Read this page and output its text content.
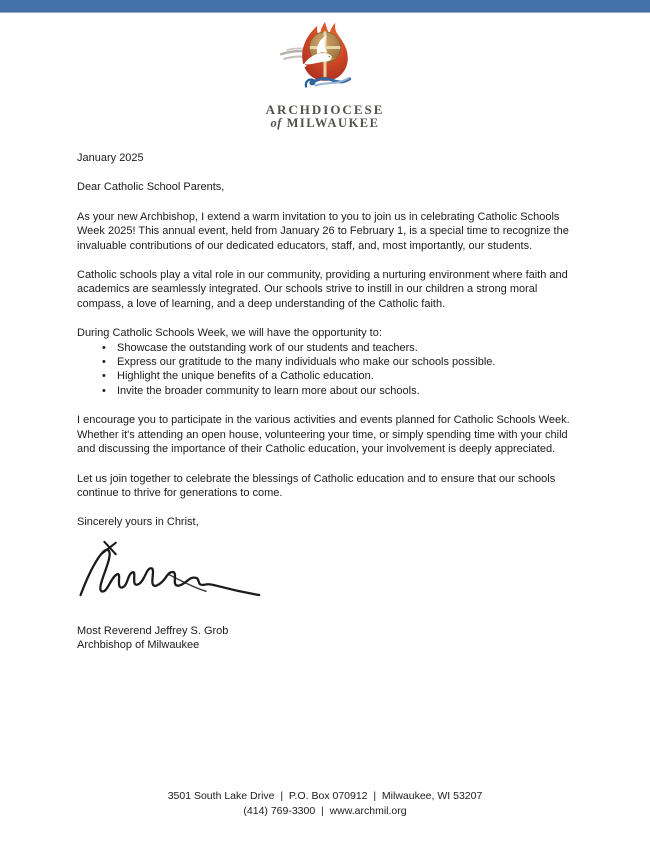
ARCHDIOCESE
of MILWAUKEE

January 2025

Dear Catholic School Parents,

As your new Archbishop, I extend a warm invitation to you to join us in celebrating Catholic Schools Week 2025! This annual event, held from January 26 to February 1, is a special time to recognize the invaluable contributions of our dedicated educators, staff, and, most importantly, our students.

Catholic schools play a vital role in our community, providing a nurturing environment where faith and academics are seamlessly integrated. Our schools strive to instill in our children a strong moral compass, a love of learning, and a deep understanding of the Catholic faith.

During Catholic Schools Week, we will have the opportunity to:

• Showcase the outstanding work of our students and teachers.
• Express our gratitude to the many individuals who make our schools possible.
• Highlight the unique benefits of a Catholic education.
• Invite the broader community to learn more about our schools.

I encourage you to participate in the various activities and events planned for Catholic Schools Week. Whether it's attending an open house, volunteering your time, or simply spending time with your child and discussing the importance of their Catholic education, your involvement is deeply appreciated.

Let us join together to celebrate the blessings of Catholic education and to ensure that our schools continue to thrive for generations to come.

Sincerely yours in Christ,

Most Reverend Jeffrey S. Grob
Archbishop of Milwaukee
3501 South Lake Drive  |  P.O. Box 070912  |  Milwaukee, WI 53207
(414) 769-3300  |  www.archmil.org
